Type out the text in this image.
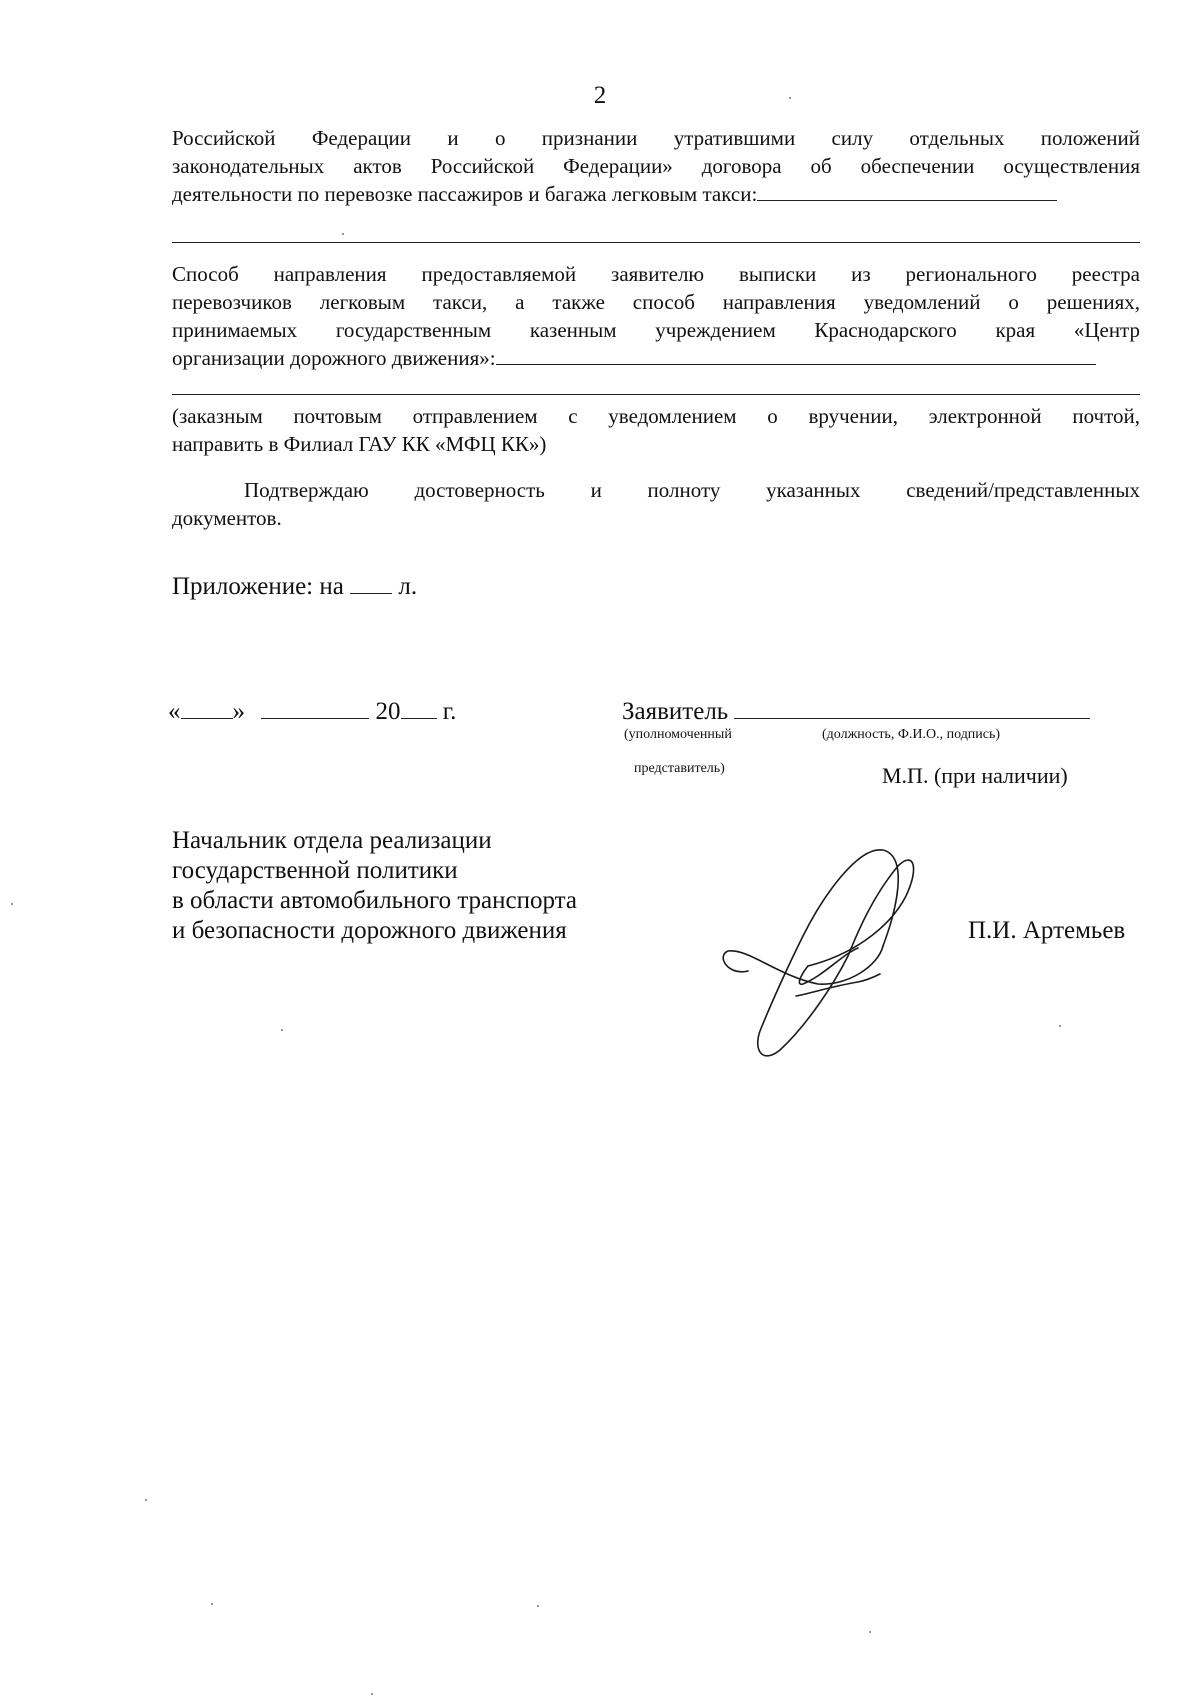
2
Российской Федерации и о признании утратившими силу отдельных положений
законодательных актов Российской Федерации» договора об обеспечении осуществления
деятельности по перевозке пассажиров и багажа легковым такси:
Способ направления предоставляемой заявителю выписки из регионального реестра
перевозчиков легковым такси, а также способ направления уведомлений о решениях,
принимаемых государственным казенным учреждением Краснодарского края «Центр
организации дорожного движения»:
(заказным почтовым отправлением с уведомлением о вручении, электронной почтой,
направить в Филиал ГАУ КК «МФЦ КК»)
Подтверждаю достоверность и полноту указанных сведений/представленных
документов.
Приложение: на л.
« »	20 г.	Заявитель
(уполномоченный	(должность, Ф.И.О., подпись)
представитель)	М.П. (при наличии)
Начальник отдела реализации
государственной политики
в области автомобильного транспорта
и безопасности дорожного движения	П.И. Артемьев
